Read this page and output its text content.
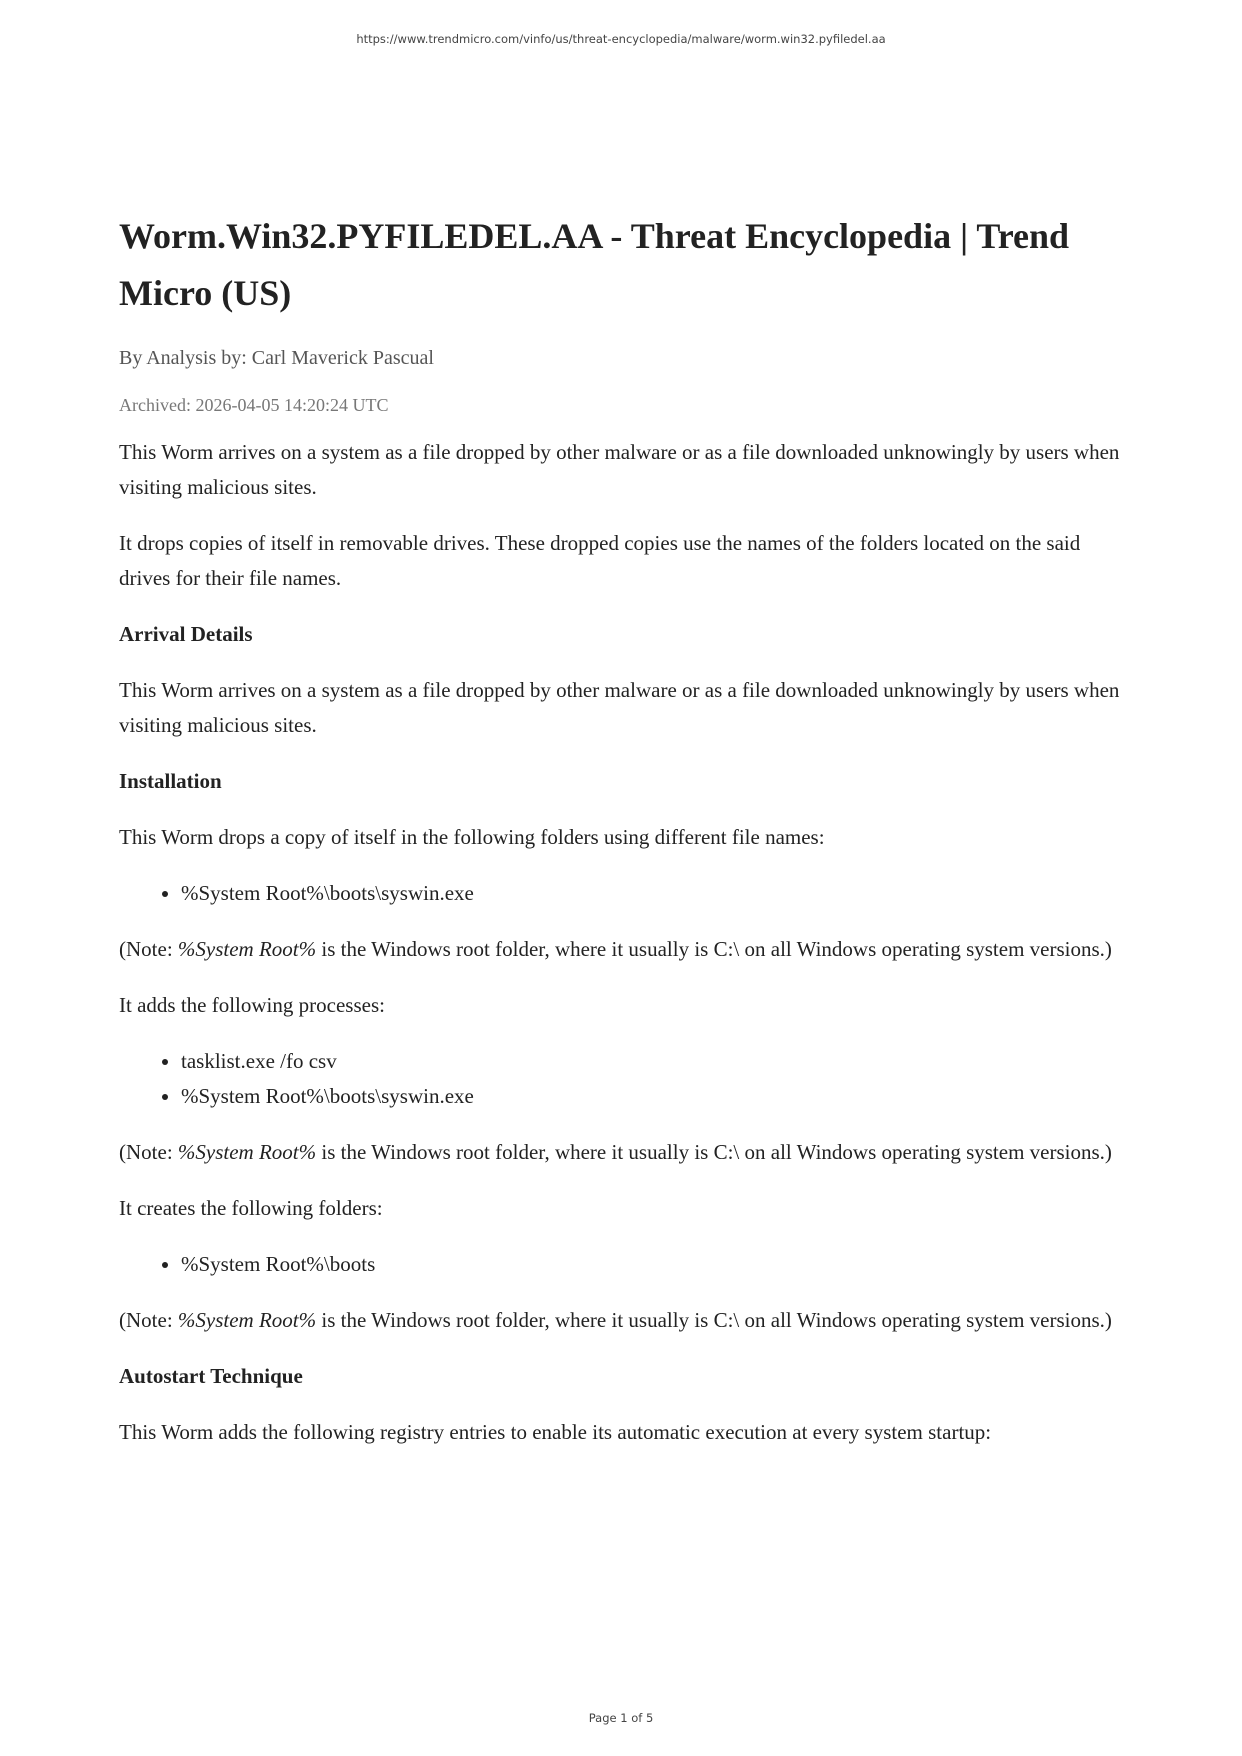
https://www.trendmicro.com/vinfo/us/threat-encyclopedia/malware/worm.win32.pyfiledel.aa

Worm.Win32.PYFILEDEL.AA - Threat Encyclopedia | Trend Micro (US)

By Analysis by: Carl Maverick Pascual

Archived: 2026-04-05 14:20:24 UTC

This Worm arrives on a system as a file dropped by other malware or as a file downloaded unknowingly by users when visiting malicious sites.

It drops copies of itself in removable drives. These dropped copies use the names of the folders located on the said drives for their file names.

Arrival Details

This Worm arrives on a system as a file dropped by other malware or as a file downloaded unknowingly by users when visiting malicious sites.

Installation

This Worm drops a copy of itself in the following folders using different file names:

• %System Root%\boots\syswin.exe

(Note: %System Root% is the Windows root folder, where it usually is C:\ on all Windows operating system versions.)

It adds the following processes:

• tasklist.exe /fo csv
• %System Root%\boots\syswin.exe

(Note: %System Root% is the Windows root folder, where it usually is C:\ on all Windows operating system versions.)

It creates the following folders:

• %System Root%\boots

(Note: %System Root% is the Windows root folder, where it usually is C:\ on all Windows operating system versions.)

Autostart Technique

This Worm adds the following registry entries to enable its automatic execution at every system startup:

Page 1 of 5
